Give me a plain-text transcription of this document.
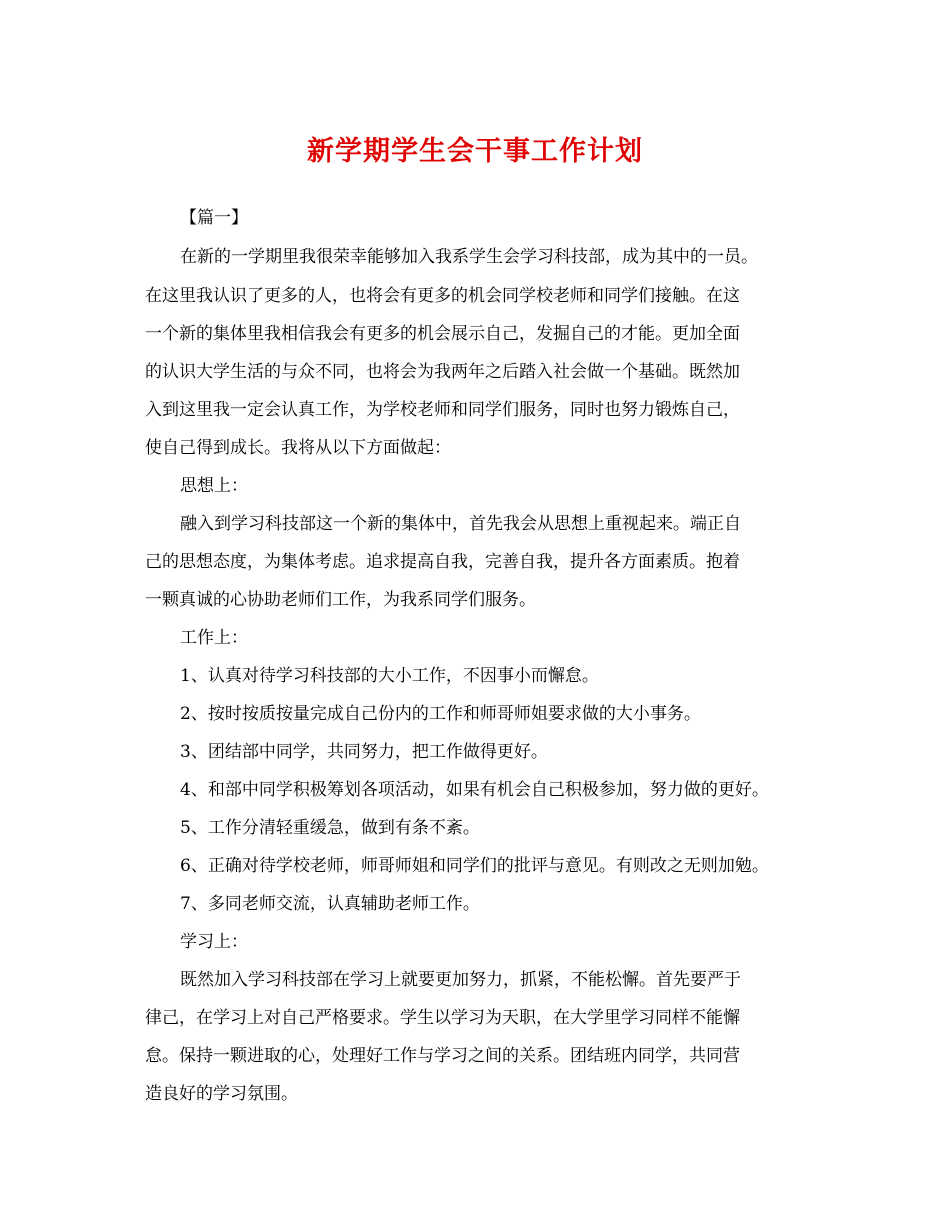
新学期学生会干事工作计划

【篇一】

在新的一学期里我很荣幸能够加入我系学生会学习科技部，成为其中的一员。

在这里我认识了更多的人，也将会有更多的机会同学校老师和同学们接触。在这

一个新的集体里我相信我会有更多的机会展示自己，发掘自己的才能。更加全面

的认识大学生活的与众不同，也将会为我两年之后踏入社会做一个基础。既然加

入到这里我一定会认真工作，为学校老师和同学们服务，同时也努力锻炼自己，

使自己得到成长。我将从以下方面做起：

思想上：

融入到学习科技部这一个新的集体中，首先我会从思想上重视起来。端正自

己的思想态度，为集体考虑。追求提高自我，完善自我，提升各方面素质。抱着

一颗真诚的心协助老师们工作，为我系同学们服务。

工作上：

1、认真对待学习科技部的大小工作，不因事小而懈怠。

2、按时按质按量完成自己份内的工作和师哥师姐要求做的大小事务。

3、团结部中同学，共同努力，把工作做得更好。

4、和部中同学积极筹划各项活动，如果有机会自己积极参加，努力做的更好。

5、工作分清轻重缓急，做到有条不紊。

6、正确对待学校老师，师哥师姐和同学们的批评与意见。有则改之无则加勉。

7、多同老师交流，认真辅助老师工作。

学习上：

既然加入学习科技部在学习上就要更加努力，抓紧，不能松懈。首先要严于

律己，在学习上对自己严格要求。学生以学习为天职，在大学里学习同样不能懈

怠。保持一颗进取的心，处理好工作与学习之间的关系。团结班内同学，共同营

造良好的学习氛围。
